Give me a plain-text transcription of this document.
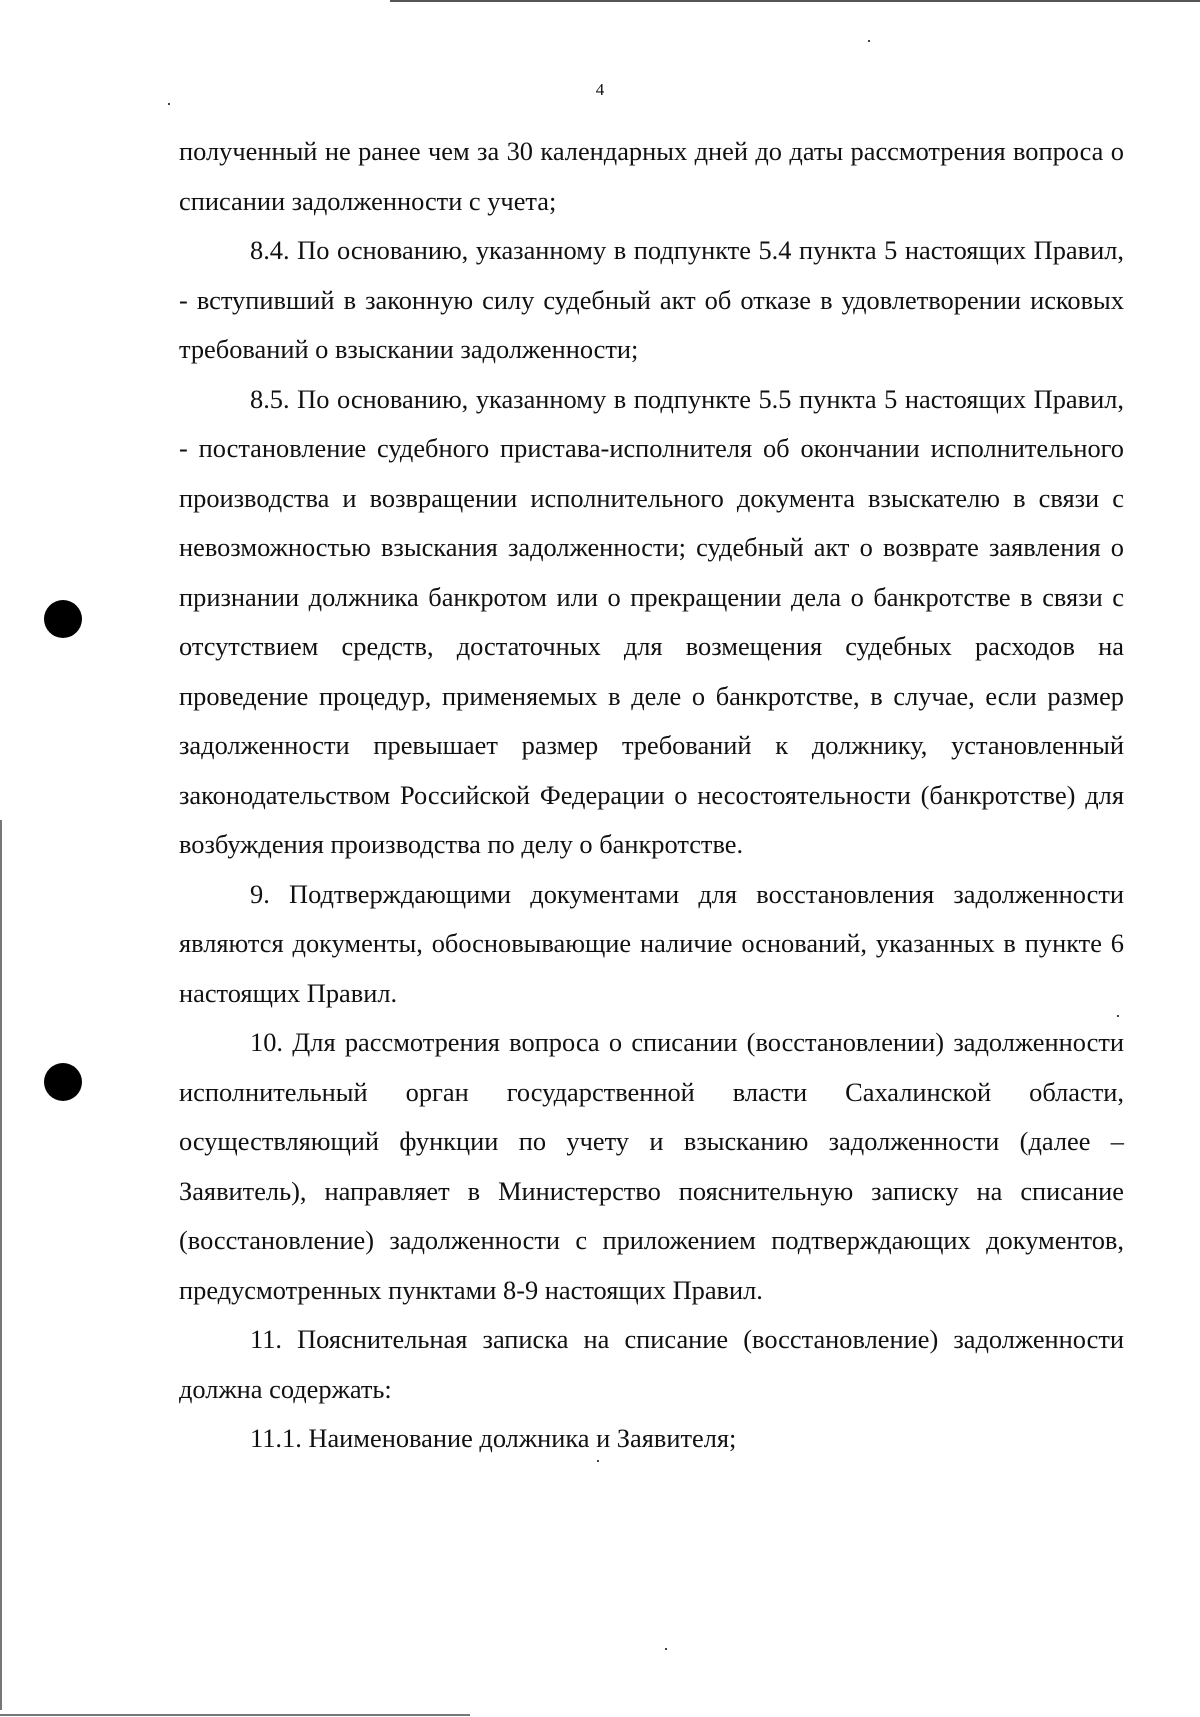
4

полученный не ранее чем за 30 календарных дней до даты рассмотрения вопроса о списании задолженности с учета;

8.4. По основанию, указанному в подпункте 5.4 пункта 5 настоящих Правил, - вступивший в законную силу судебный акт об отказе в удовлетворении исковых требований о взыскании задолженности;

8.5. По основанию, указанному в подпункте 5.5 пункта 5 настоящих Правил, - постановление судебного пристава-исполнителя об окончании исполнительного производства и возвращении исполнительного документа взыскателю в связи с невозможностью взыскания задолженности; судебный акт о возврате заявления о признании должника банкротом или о прекращении дела о банкротстве в связи с отсутствием средств, достаточных для возмещения судебных расходов на проведение процедур, применяемых в деле о банкротстве, в случае, если размер задолженности превышает размер требований к должнику, установленный законодательством Российской Федерации о несостоятельности (банкротстве) для возбуждения производства по делу о банкротстве.

9. Подтверждающими документами для восстановления задолженности являются документы, обосновывающие наличие оснований, указанных в пункте 6 настоящих Правил.

10. Для рассмотрения вопроса о списании (восстановлении) задолженности исполнительный орган государственной власти Сахалинской области, осуществляющий функции по учету и взысканию задолженности (далее – Заявитель), направляет в Министерство пояснительную записку на списание (восстановление) задолженности с приложением подтверждающих документов, предусмотренных пунктами 8-9 настоящих Правил.

11. Пояснительная записка на списание (восстановление) задолженности должна содержать:

11.1. Наименование должника и Заявителя;
